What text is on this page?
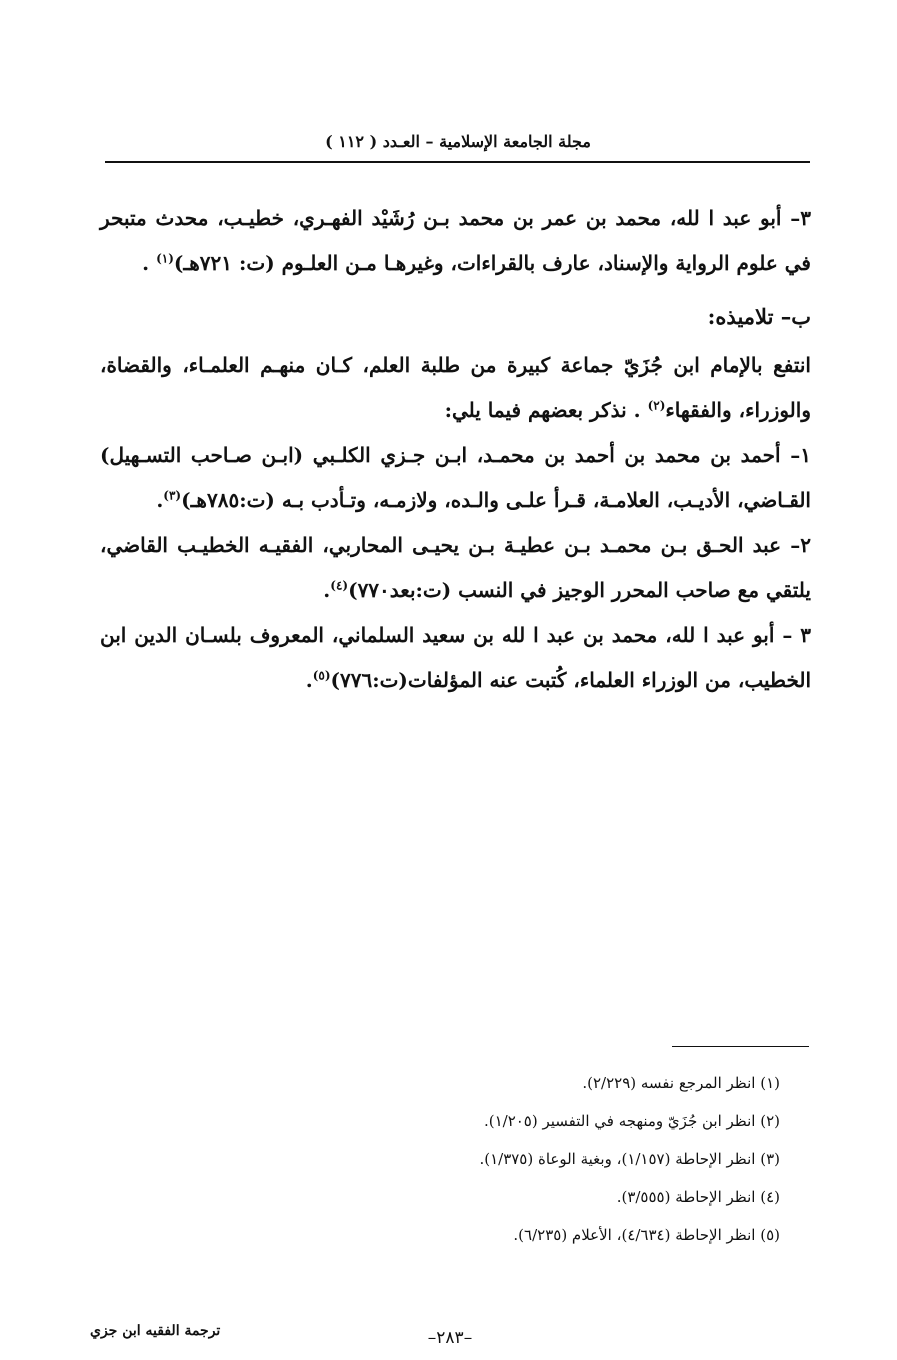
مجلة الجامعة الإسلامية – العـدد ( ١١٢ )

٣– أبو عبد ا لله، محمد بن عمر بن محمد بـن رُشَيْد الفهـري، خطيـب، محدث متبحر في علوم الرواية والإسناد، عارف بالقراءات، وغيرهـا مـن العلـوم (ت: ٧٢١هـ)$^{(١)}$ .

ب– تلاميذه:

انتفع بالإمام ابن جُزَيّ جماعة كبيرة من طلبة العلم، كـان منهـم العلمـاء، والقضاة، والوزراء، والفقهاء$^{(٢)}$ . نذكر بعضهم فيما يلي:

١– أحمد بن محمد بن أحمد بن محمـد، ابـن جـزي الكلـبي (ابـن صـاحب التسـهيل) القـاضي، الأديـب، العلامـة، قـرأ علـى والـده، ولازمـه، وتـأدب بـه (ت:٧٨٥هـ)$^{(٣)}$.

٢– عبد الحـق بـن محمـد بـن عطيـة بـن يحيـى المحاربي، الفقيـه الخطيـب القاضي، يلتقي مع صاحب المحرر الوجيز في النسب (ت:بعد٧٧٠)$^{(٤)}$.

٣ – أبو عبد ا لله، محمد بن عبد ا لله بن سعيد السلماني، المعروف بلسـان الدين ابن الخطيب، من الوزراء العلماء، كُتبت عنه المؤلفات(ت:٧٧٦)$^{(٥)}$.

(١) انظر المرجع نفسه (٢/٢٢٩).

(٢) انظر ابن جُزَيّ ومنهجه في التفسير (١/٢٠٥).

(٣) انظر الإحاطة (١/١٥٧)، وبغية الوعاة (١/٣٧٥).

(٤) انظر الإحاطة (٣/٥٥٥).

(٥) انظر الإحاطة (٤/٦٣٤)، الأعلام (٦/٢٣٥).

ترجمة الفقيه ابن جزي	–٢٨٣–
